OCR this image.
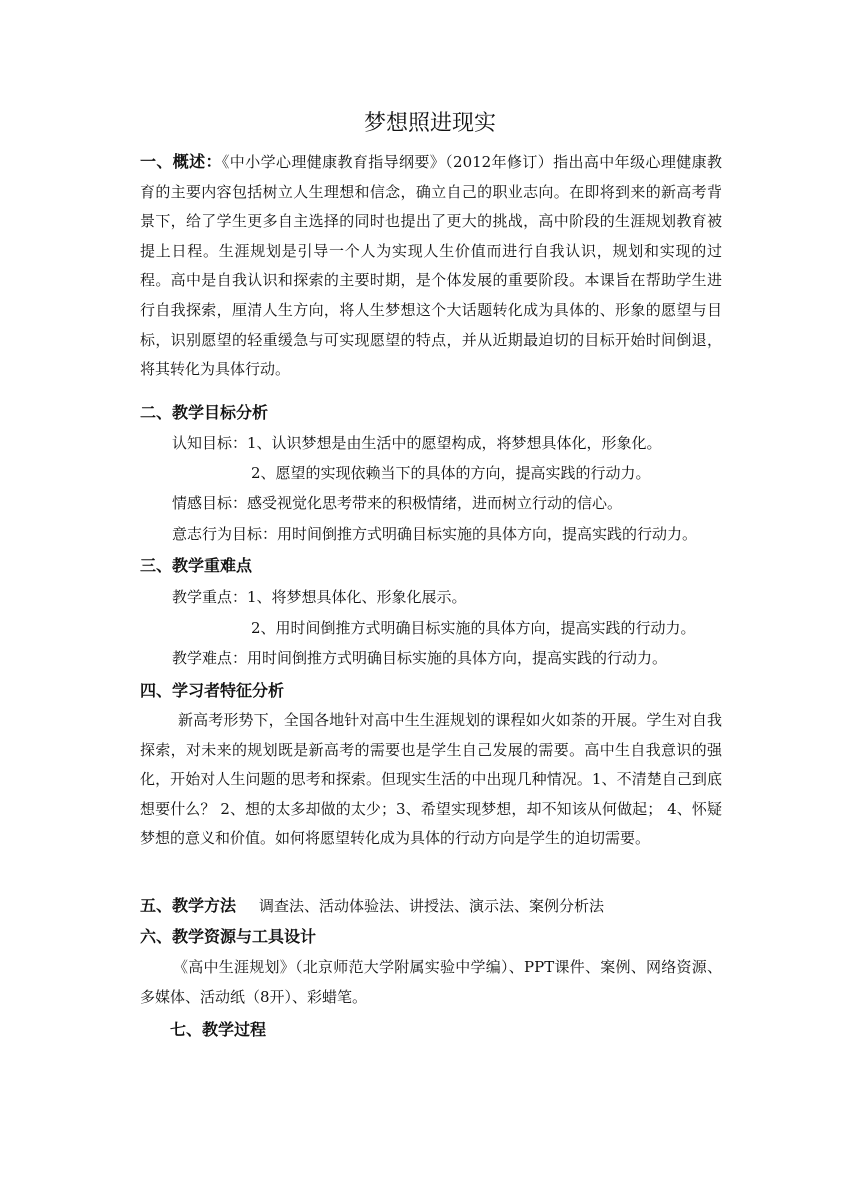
梦想照进现实
一、概述：《中小学心理健康教育指导纲要》（2012年修订）指出高中年级心理健康教育的主要内容包括树立人生理想和信念，确立自己的职业志向。在即将到来的新高考背景下，给了学生更多自主选择的同时也提出了更大的挑战，高中阶段的生涯规划教育被提上日程。生涯规划是引导一个人为实现人生价值而进行自我认识，规划和实现的过程。高中是自我认识和探索的主要时期，是个体发展的重要阶段。本课旨在帮助学生进行自我探索，厘清人生方向，将人生梦想这个大话题转化成为具体的、形象的愿望与目标，识别愿望的轻重缓急与可实现愿望的特点，并从近期最迫切的目标开始时间倒退，将其转化为具体行动。
二、教学目标分析
认知目标：1、认识梦想是由生活中的愿望构成，将梦想具体化，形象化。
2、愿望的实现依赖当下的具体的方向，提高实践的行动力。
情感目标：感受视觉化思考带来的积极情绪，进而树立行动的信心。
意志行为目标：用时间倒推方式明确目标实施的具体方向，提高实践的行动力。
三、教学重难点
教学重点：1、将梦想具体化、形象化展示。
2、用时间倒推方式明确目标实施的具体方向，提高实践的行动力。
教学难点：用时间倒推方式明确目标实施的具体方向，提高实践的行动力。
四、学习者特征分析
新高考形势下，全国各地针对高中生生涯规划的课程如火如荼的开展。学生对自我探索，对未来的规划既是新高考的需要也是学生自己发展的需要。高中生自我意识的强化，开始对人生问题的思考和探索。但现实生活的中出现几种情况。1、不清楚自己到底想要什么？ 2、想的太多却做的太少；3、希望实现梦想，却不知该从何做起； 4、怀疑梦想的意义和价值。如何将愿望转化成为具体的行动方向是学生的迫切需要。
五、教学方法 调查法、活动体验法、讲授法、演示法、案例分析法
六、教学资源与工具设计
《高中生涯规划》（北京师范大学附属实验中学编）、PPT课件、案例、网络资源、多媒体、活动纸（8开）、彩蜡笔。
七、教学过程
